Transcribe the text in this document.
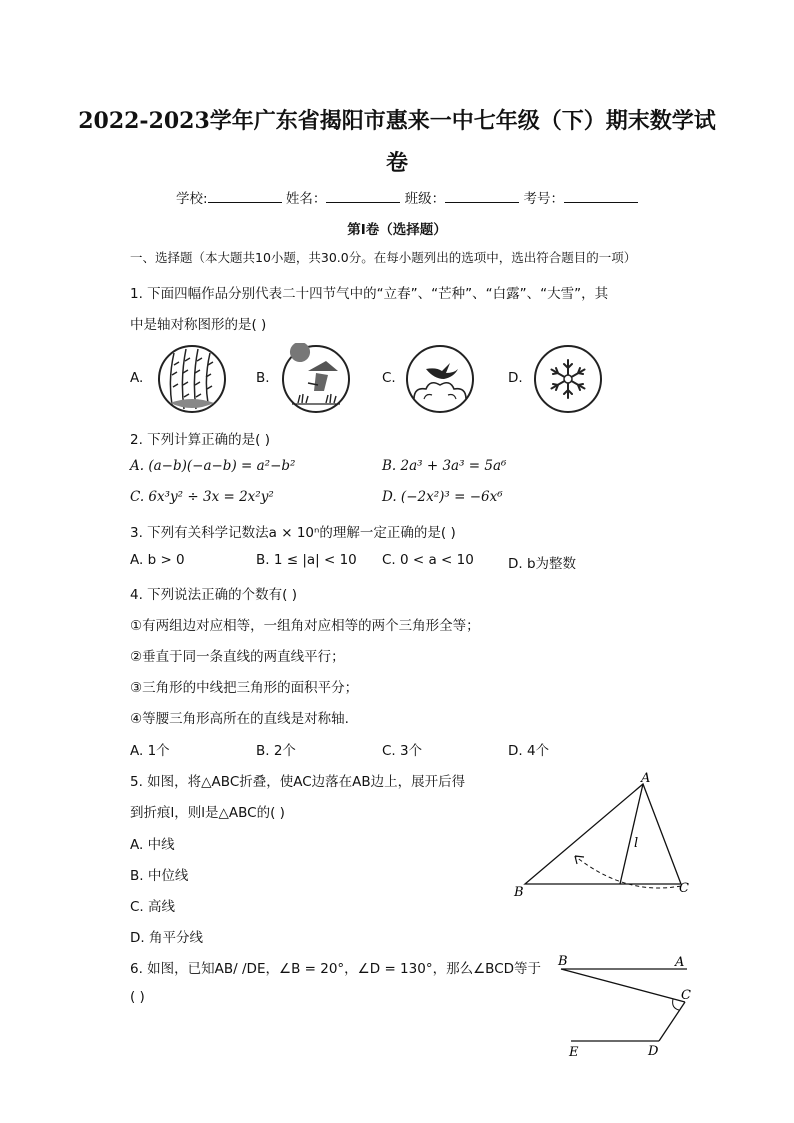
2022-2023学年广东省揭阳市惠来一中七年级（下）期末数学试
卷
学校:	姓名：	班级：	考号：
第I卷（选择题）
一、选择题（本大题共10小题，共30.0分。在每小题列出的选项中，选出符合题目的一项）
1. 下面四幅作品分别代表二十四节气中的“立春”、“芒种”、“白露”、“大雪”，其
中是轴对称图形的是( )
A.	B.	C.	D.
2. 下列计算正确的是( )
A. (a−b)(−a−b) = a²−b²	B. 2a³ + 3a³ = 5a⁶
C. 6x³y² ÷ 3x = 2x²y²	D. (−2x²)³ = −6x⁶
3. 下列有关科学记数法a × 10ⁿ的理解一定正确的是( )
A. b > 0	B. 1 ≤ |a| < 10 C. 0 < a < 10	D. b为整数
4. 下列说法正确的个数有( )
①有两组边对应相等，一组角对应相等的两个三角形全等；
②垂直于同一条直线的两直线平行；
③三角形的中线把三角形的面积平分；
④等腰三角形高所在的直线是对称轴.
A. 1个	B. 2个	C. 3个	D. 4个
5. 如图，将△ABC折叠，使AC边落在AB边上，展开后得
到折痕l，则l是△ABC的( )
A. 中线
B. 中位线
C. 高线
D. 角平分线
A
B	C
l
6. 如图，已知AB/ /DE，∠B = 20°，∠D = 130°，那么∠BCD等于
( )
B	A
C
D
E
